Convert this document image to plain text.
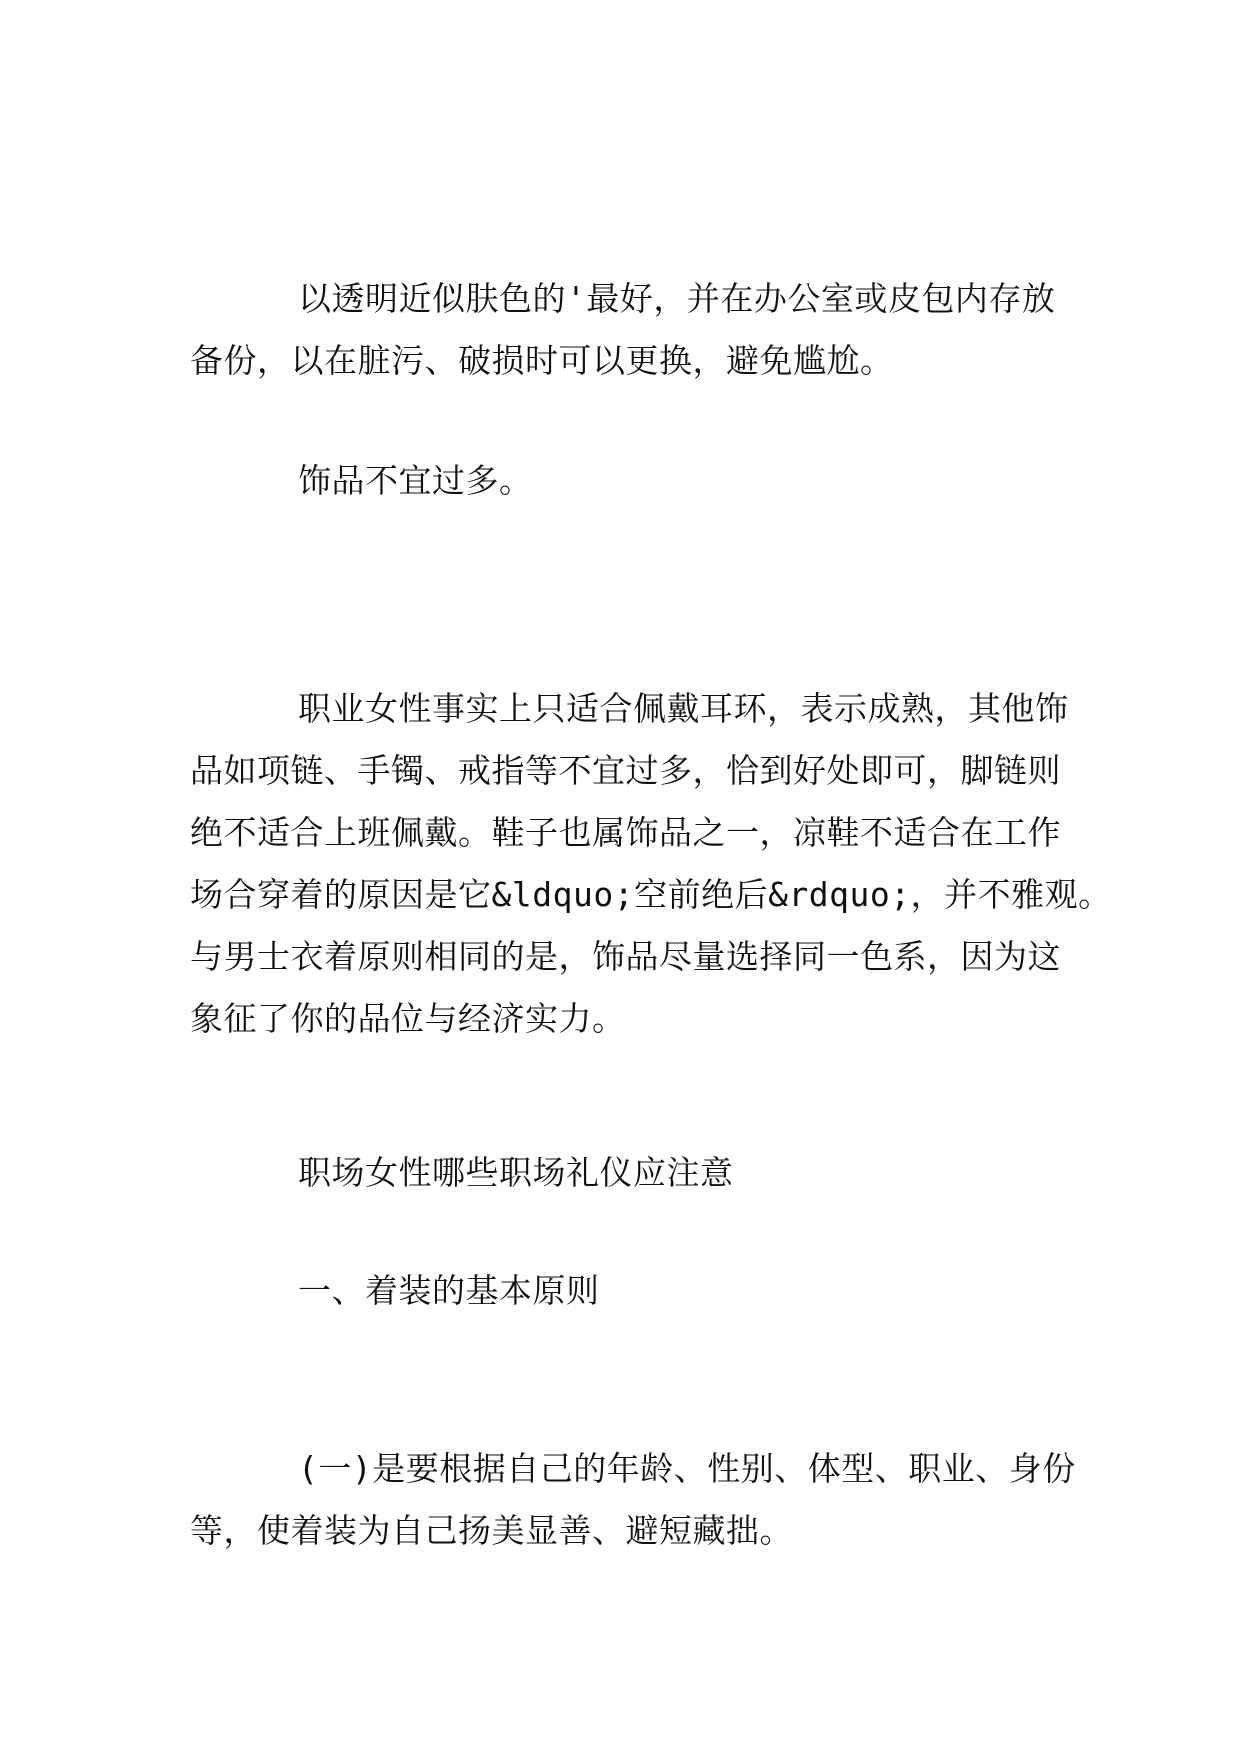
以透明近似肤色的'最好，并在办公室或皮包内存放
备份，以在脏污、破损时可以更换，避免尴尬。
饰品不宜过多。
职业女性事实上只适合佩戴耳环，表示成熟，其他饰
品如项链、手镯、戒指等不宜过多，恰到好处即可，脚链则
绝不适合上班佩戴。鞋子也属饰品之一，凉鞋不适合在工作
场合穿着的原因是它&ldquo;空前绝后&rdquo;，并不雅观。
与男士衣着原则相同的是，饰品尽量选择同一色系，因为这
象征了你的品位与经济实力。
职场女性哪些职场礼仪应注意
一、着装的基本原则
(一)是要根据自己的年龄、性别、体型、职业、身份
等，使着装为自己扬美显善、避短藏拙。
